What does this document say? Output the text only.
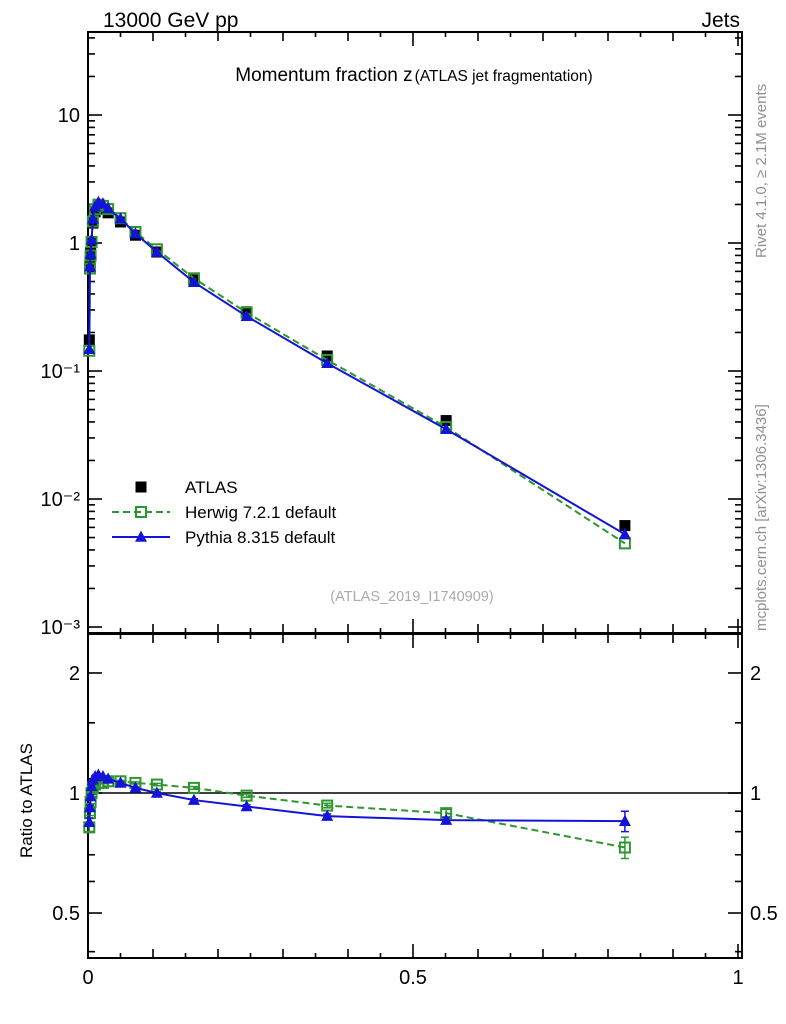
10
1
10⁻¹
10⁻²
10⁻³
2	2
1	1
0.5	0.5
0	0.5	1
13000 GeV pp	Jets
Momentum fraction z (ATLAS jet fragmentation)
ATLAS
Herwig 7.2.1 default
Pythia 8.315 default
(ATLAS_2019_I1740909)
Rivet 4.1.0, ≥ 2.1M events
mcplots.cern.ch [arXiv:1306.3436]
Ratio to ATLAS
